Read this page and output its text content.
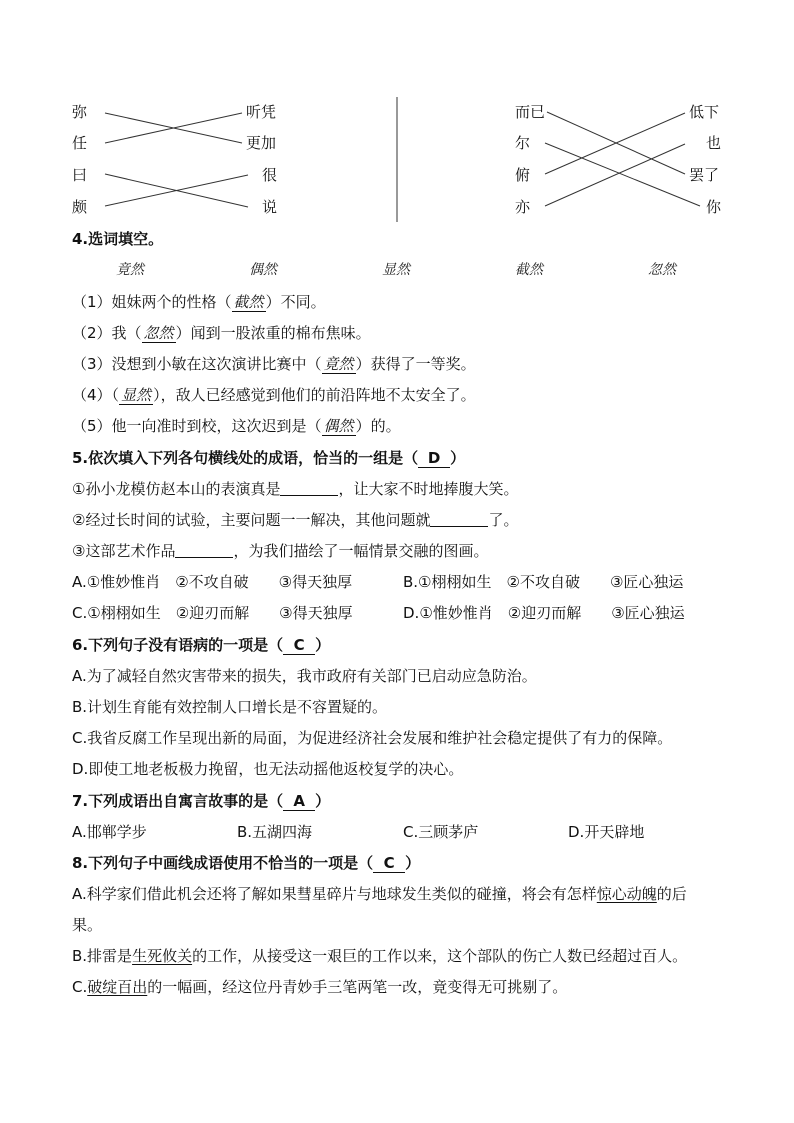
弥
任
曰
颇
听凭
更加
很
说
而已
尔
俯
亦
低下
也
罢了
你
4.选词填空。
竟然	偶然	显然	截然	忽然
（1）姐妹两个的性格（ 截然 ）不同。
（2）我（ 忽然 ）闻到一股浓重的棉布焦味。
（3）没想到小敏在这次演讲比赛中（ 竟然 ）获得了一等奖。
（4）（ 显然 ），敌人已经感觉到他们的前沿阵地不太安全了。
（5）他一向准时到校，这次迟到是（ 偶然 ）的。
5.依次填入下列各句横线处的成语，恰当的一组是（ D ）
①孙小龙模仿赵本山的表演真是	，让大家不时地捧腹大笑。
②经过长时间的试验，主要问题一一解决，其他问题就	了。
③这部艺术作品	，为我们描绘了一幅情景交融的图画。
A.①惟妙惟肖　②不攻自破　　③得天独厚	B.①栩栩如生　②不攻自破　　③匠心独运
C.①栩栩如生　②迎刃而解　　③得天独厚	D.①惟妙惟肖　②迎刃而解　　③匠心独运
6.下列句子没有语病的一项是（ C ）
A.为了减轻自然灾害带来的损失，我市政府有关部门已启动应急防治。
B.计划生育能有效控制人口增长是不容置疑的。
C.我省反腐工作呈现出新的局面，为促进经济社会发展和维护社会稳定提供了有力的保障。
D.即使工地老板极力挽留，也无法动摇他返校复学的决心。
7.下列成语出自寓言故事的是（ A ）
A.邯郸学步	B.五湖四海	C.三顾茅庐	D.开天辟地
8.下列句子中画线成语使用不恰当的一项是（ C ）
A.科学家们借此机会还将了解如果彗星碎片与地球发生类似的碰撞，将会有怎样惊心动魄的后
果。
B.排雷是生死攸关的工作，从接受这一艰巨的工作以来，这个部队的伤亡人数已经超过百人。
C.破绽百出的一幅画，经这位丹青妙手三笔两笔一改，竟变得无可挑剔了。
